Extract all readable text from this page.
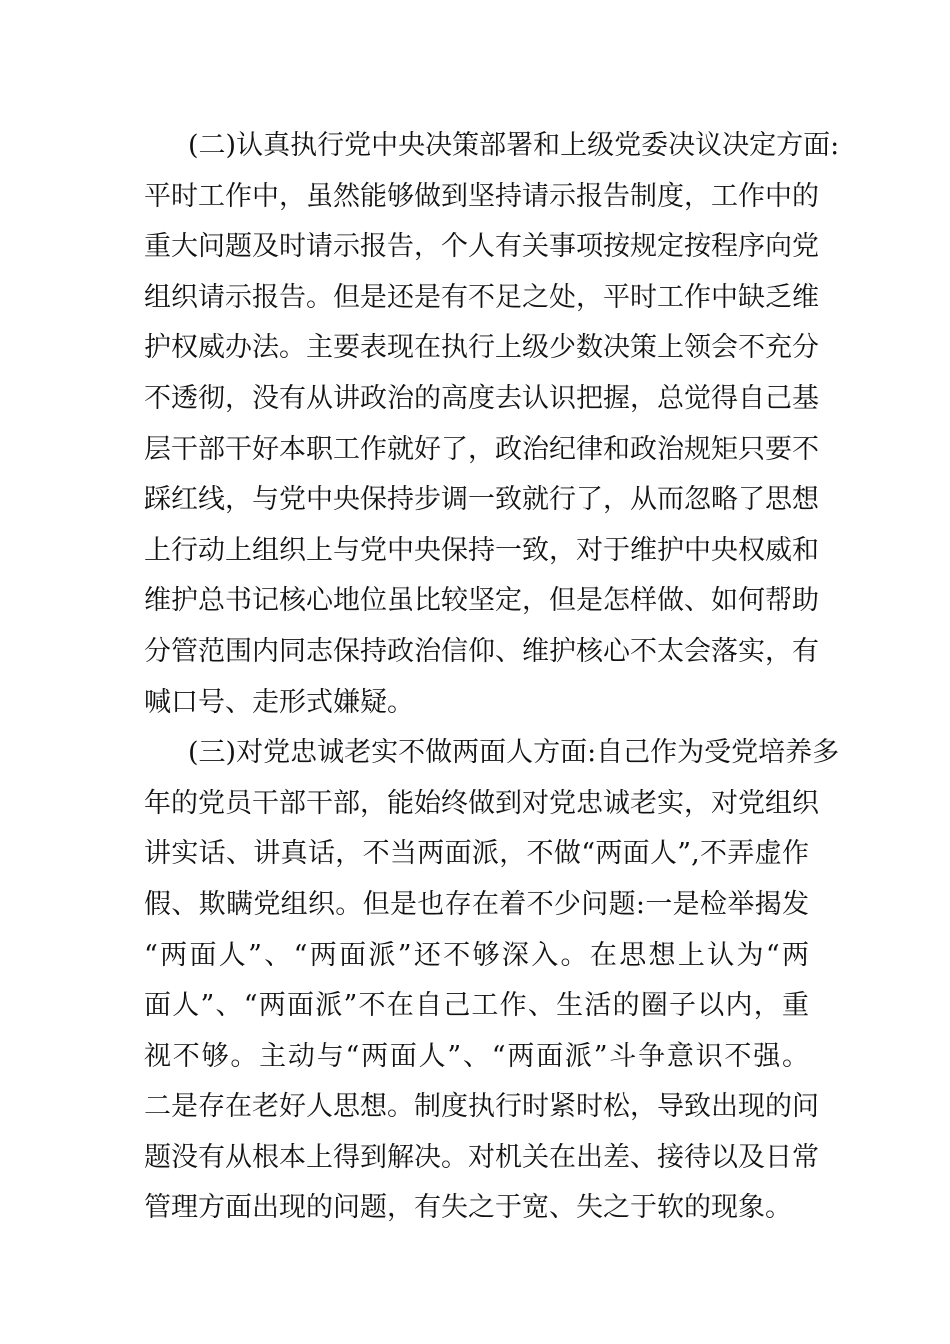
(二)认真执行党中央决策部署和上级党委决议决定方面:
平时工作中，虽然能够做到坚持请示报告制度，工作中的
重大问题及时请示报告，个人有关事项按规定按程序向党
组织请示报告。但是还是有不足之处，平时工作中缺乏维
护权威办法。主要表现在执行上级少数决策上领会不充分
不透彻，没有从讲政治的高度去认识把握，总觉得自己基
层干部干好本职工作就好了，政治纪律和政治规矩只要不
踩红线，与党中央保持步调一致就行了，从而忽略了思想
上行动上组织上与党中央保持一致，对于维护中央权威和
维护总书记核心地位虽比较坚定，但是怎样做、如何帮助
分管范围内同志保持政治信仰、维护核心不太会落实，有
喊口号、走形式嫌疑。
(三)对党忠诚老实不做两面人方面:自己作为受党培养多
年的党员干部干部，能始终做到对党忠诚老实，对党组织
讲实话、讲真话，不当两面派，不做“两面人”,不弄虚作
假、欺瞒党组织。但是也存在着不少问题:一是检举揭发
“两面人”、“两面派”还不够深入。在思想上认为“两
面人”、“两面派”不在自己工作、生活的圈子以内，重
视不够。主动与“两面人”、“两面派”斗争意识不强。
二是存在老好人思想。制度执行时紧时松，导致出现的问
题没有从根本上得到解决。对机关在出差、接待以及日常
管理方面出现的问题，有失之于宽、失之于软的现象。
